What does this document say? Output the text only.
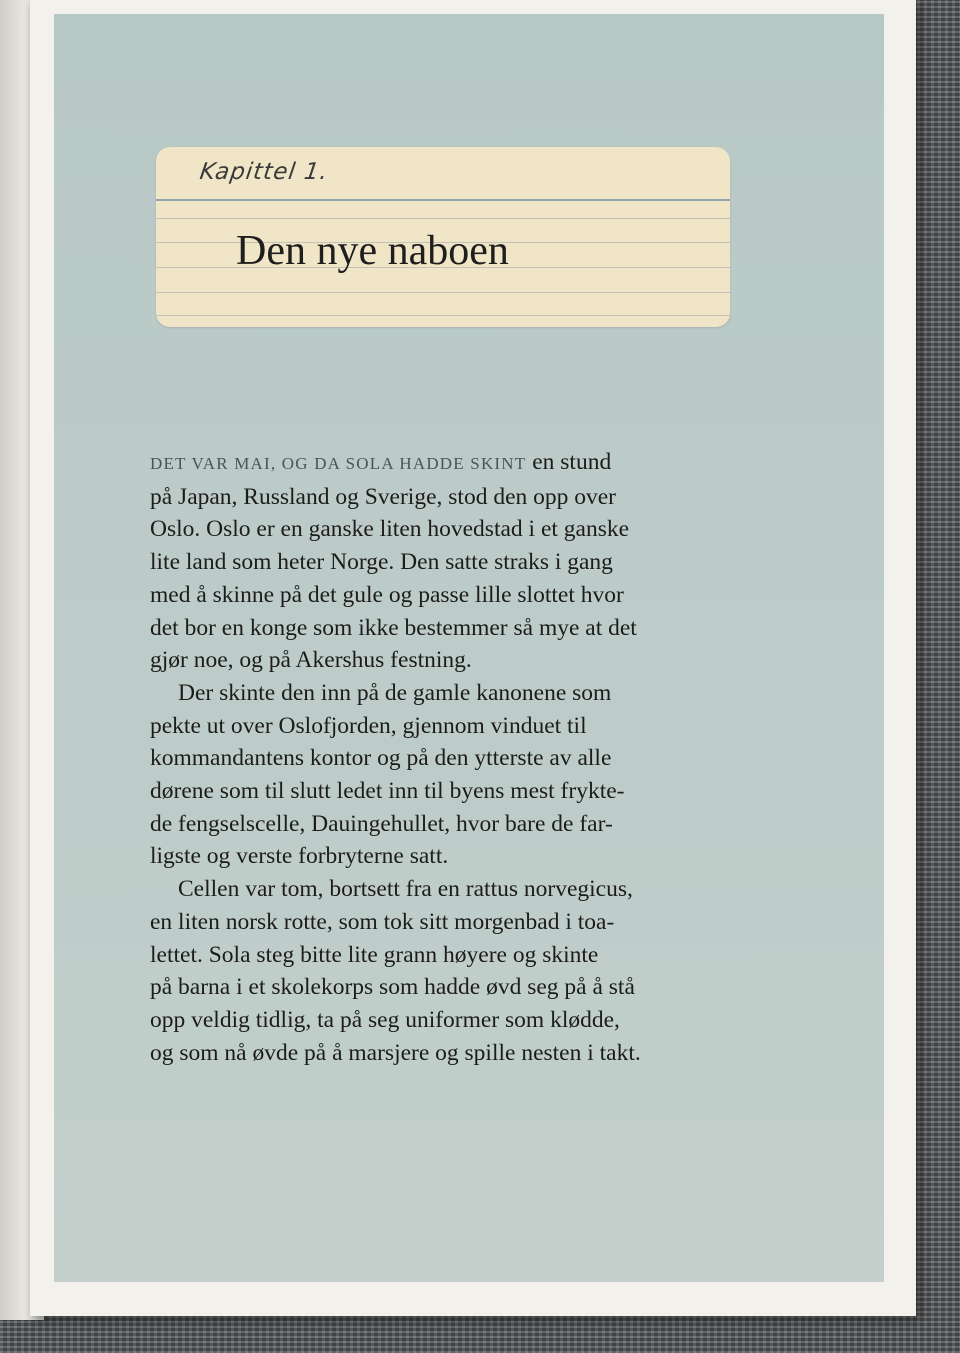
Kapittel 1.
Den nye naboen
DET VAR MAI, OG DA SOLA HADDE SKINT en stund
på Japan, Russland og Sverige, stod den opp over
Oslo. Oslo er en ganske liten hovedstad i et ganske
lite land som heter Norge. Den satte straks i gang
med å skinne på det gule og passe lille slottet hvor
det bor en konge som ikke bestemmer så mye at det
gjør noe, og på Akershus festning.
Der skinte den inn på de gamle kanonene som
pekte ut over Oslofjorden, gjennom vinduet til
kommandantens kontor og på den ytterste av alle
dørene som til slutt ledet inn til byens mest frykte-
de fengselscelle, Dauingehullet, hvor bare de far-
ligste og verste forbryterne satt.
Cellen var tom, bortsett fra en rattus norvegicus,
en liten norsk rotte, som tok sitt morgenbad i toa-
lettet. Sola steg bitte lite grann høyere og skinte
på barna i et skolekorps som hadde øvd seg på å stå
opp veldig tidlig, ta på seg uniformer som klødde,
og som nå øvde på å marsjere og spille nesten i takt.
